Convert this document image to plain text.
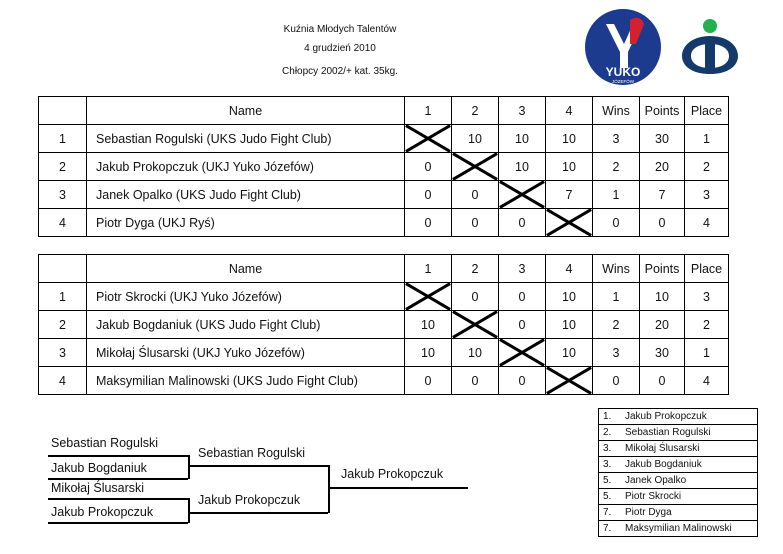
Kuźnia Młodych Talentów
4 grudzień 2010
Chłopcy 2002/+ kat. 35kg.	YUKO
JÓZEFÓW
	Name	1	2	3	4	Wins	Points	Place
1	Sebastian Rogulski (UKS Judo Fight Club)		10	10	10	3	30	1
2	Jakub Prokopczuk (UKJ Yuko Józefów)	0		10	10	2	20	2
3	Janek Opalko (UKS Judo Fight Club)	0	0		7	1	7	3
4	Piotr Dyga (UKJ Ryś)	0	0	0		0	0	4
	Name	1	2	3	4	Wins	Points	Place
1	Piotr Skrocki (UKJ Yuko Józefów)		0	0	10	1	10	3
2	Jakub Bogdaniuk (UKS Judo Fight Club)	10		0	10	2	20	2
3	Mikołaj Ślusarski (UKJ Yuko Józefów)	10	10		10	3	30	1
4	Maksymilian Malinowski (UKS Judo Fight Club)	0	0	0		0	0	4
Sebastian Rogulski
Jakub Bogdaniuk
Mikołaj Ślusarski
Jakub Prokopczuk
Sebastian Rogulski
Jakub Prokopczuk
Jakub Prokopczuk
1. Jakub Prokopczuk
2. Sebastian Rogulski
3. Mikołaj Ślusarski
3. Jakub Bogdaniuk
5. Janek Opalko
5. Piotr Skrocki
7. Piotr Dyga
7. Maksymilian Malinowski
